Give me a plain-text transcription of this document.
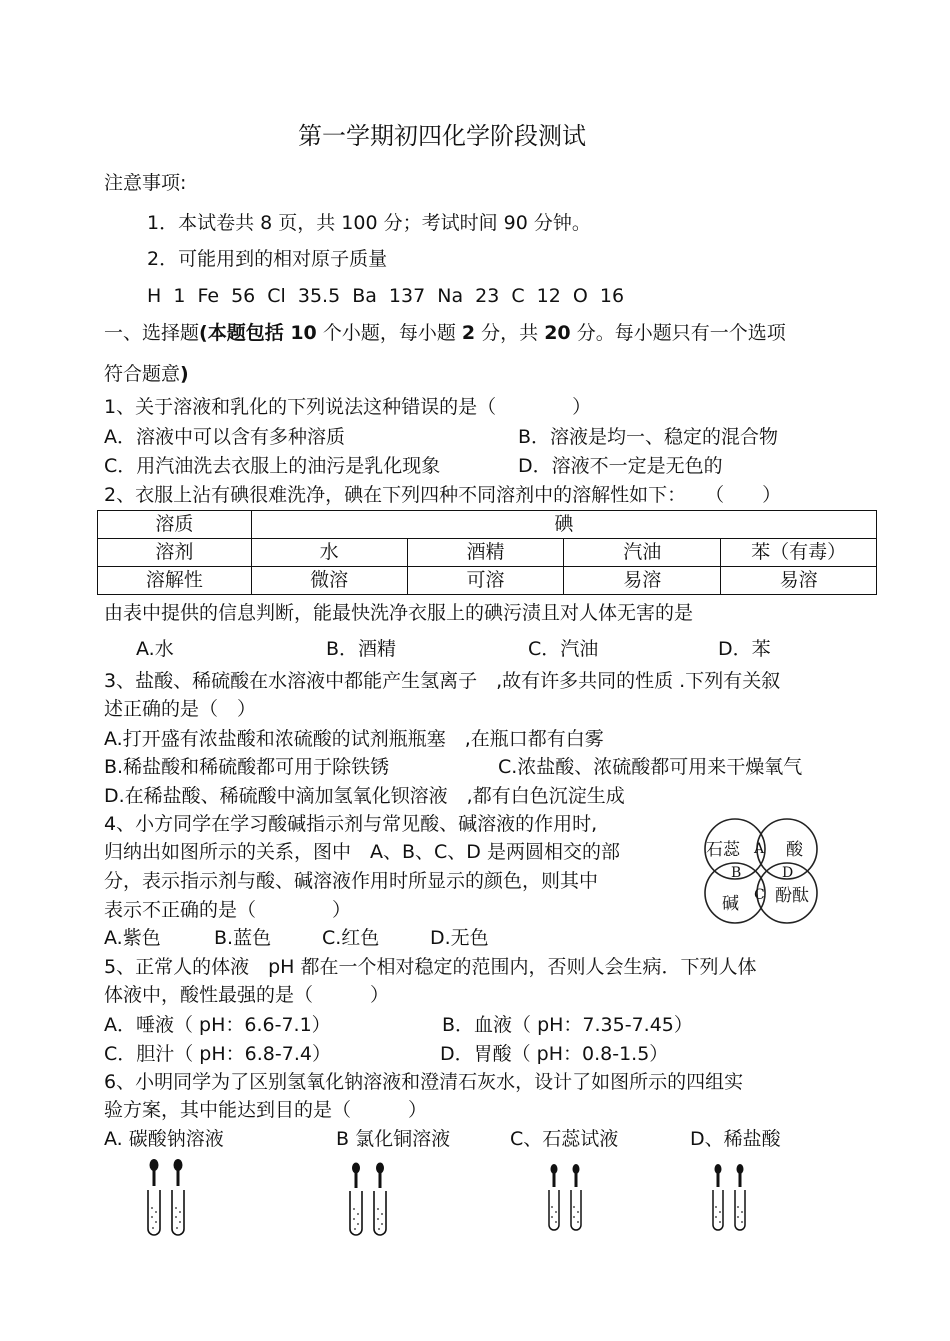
第一学期初四化学阶段测试
注意事项:
1．本试卷共 8 页，共 100 分；考试时间 90 分钟。
2．可能用到的相对原子质量
H 1 Fe 56 Cl 35.5 Ba 137 Na 23 C 12 O 16
一、选择题(本题包括 10 个小题，每小题 2 分，共 20 分。每小题只有一个选项
符合题意)
1、关于溶液和乳化的下列说法这种错误的是（　　　　）
A．溶液中可以含有多种溶质	B．溶液是均一、稳定的混合物
C．用汽油洗去衣服上的油污是乳化现象	D．溶液不一定是无色的
2、衣服上沾有碘很难洗净，碘在下列四种不同溶剂中的溶解性如下：　　（　　）
溶质	碘			
溶剂	水	酒精	汽油	苯（有毒）
溶解性	微溶	可溶	易溶	易溶
由表中提供的信息判断，能最快洗净衣服上的碘污渍且对人体无害的是
A.水	B．酒精	C．汽油	D．苯
3、盐酸、稀硫酸在水溶液中都能产生氢离子　,故有许多共同的性质 .下列有关叙
述正确的是（　）
A.打开盛有浓盐酸和浓硫酸的试剂瓶瓶塞　,在瓶口都有白雾
B.稀盐酸和稀硫酸都可用于除铁锈	C.浓盐酸、浓硫酸都可用来干燥氧气
D.在稀盐酸、稀硫酸中滴加氢氧化钡溶液　,都有白色沉淀生成
4、小方同学在学习酸碱指示剂与常见酸、碱溶液的作用时,
归纳出如图所示的关系，图中　A、B、C、D 是两圆相交的部
分，表示指示剂与酸、碱溶液作用时所显示的颜色，则其中
表示不正确的是（　　　　）
A.紫色	B.蓝色	C.红色	D.无色
石蕊	酸
碱 酚酞
A
B
C
D
5、正常人的体液　pH 都在一个相对稳定的范围内，否则人会生病．下列人体
体液中，酸性最强的是（　　　）
A．唾液（ pH：6.6-7.1）	B．血液（ pH：7.35-7.45）
C．胆汁（ pH：6.8-7.4）	D．胃酸（ pH：0.8-1.5）
6、小明同学为了区别氢氧化钠溶液和澄清石灰水，设计了如图所示的四组实
验方案，其中能达到目的是（　　　）
A. 碳酸钠溶液	B 氯化铜溶液	C、石蕊试液	D、稀盐酸
